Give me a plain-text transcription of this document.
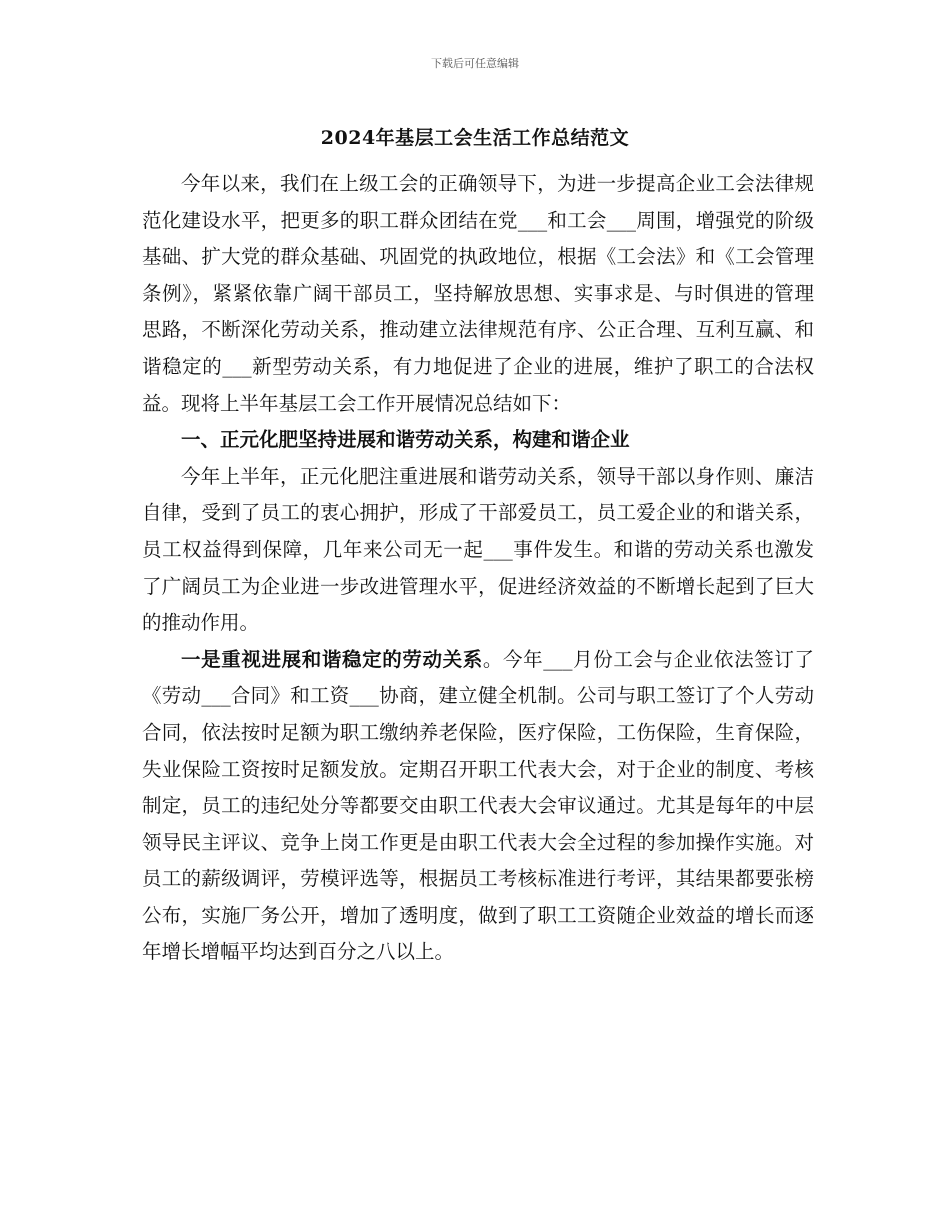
下载后可任意编辑
2024年基层工会生活工作总结范文

今年以来，我们在上级工会的正确领导下，为进一步提高企业工会法律规范化建设水平，把更多的职工群众团结在党___和工会___周围，增强党的阶级基础、扩大党的群众基础、巩固党的执政地位，根据《工会法》和《工会管理条例》，紧紧依靠广阔干部员工，坚持解放思想、实事求是、与时俱进的管理思路，不断深化劳动关系，推动建立法律规范有序、公正合理、互利互赢、和谐稳定的___新型劳动关系，有力地促进了企业的进展，维护了职工的合法权益。现将上半年基层工会工作开展情况总结如下：

一、正元化肥坚持进展和谐劳动关系，构建和谐企业

今年上半年，正元化肥注重进展和谐劳动关系，领导干部以身作则、廉洁自律，受到了员工的衷心拥护，形成了干部爱员工，员工爱企业的和谐关系，员工权益得到保障，几年来公司无一起___事件发生。和谐的劳动关系也激发了广阔员工为企业进一步改进管理水平，促进经济效益的不断增长起到了巨大的推动作用。

一是重视进展和谐稳定的劳动关系。今年___月份工会与企业依法签订了《劳动___合同》和工资___协商，建立健全机制。公司与职工签订了个人劳动合同，依法按时足额为职工缴纳养老保险，医疗保险，工伤保险，生育保险，失业保险工资按时足额发放。定期召开职工代表大会，对于企业的制度、考核制定，员工的违纪处分等都要交由职工代表大会审议通过。尤其是每年的中层领导民主评议、竞争上岗工作更是由职工代表大会全过程的参加操作实施。对员工的薪级调评，劳模评选等，根据员工考核标准进行考评，其结果都要张榜公布，实施厂务公开，增加了透明度，做到了职工工资随企业效益的增长而逐年增长增幅平均达到百分之八以上。
